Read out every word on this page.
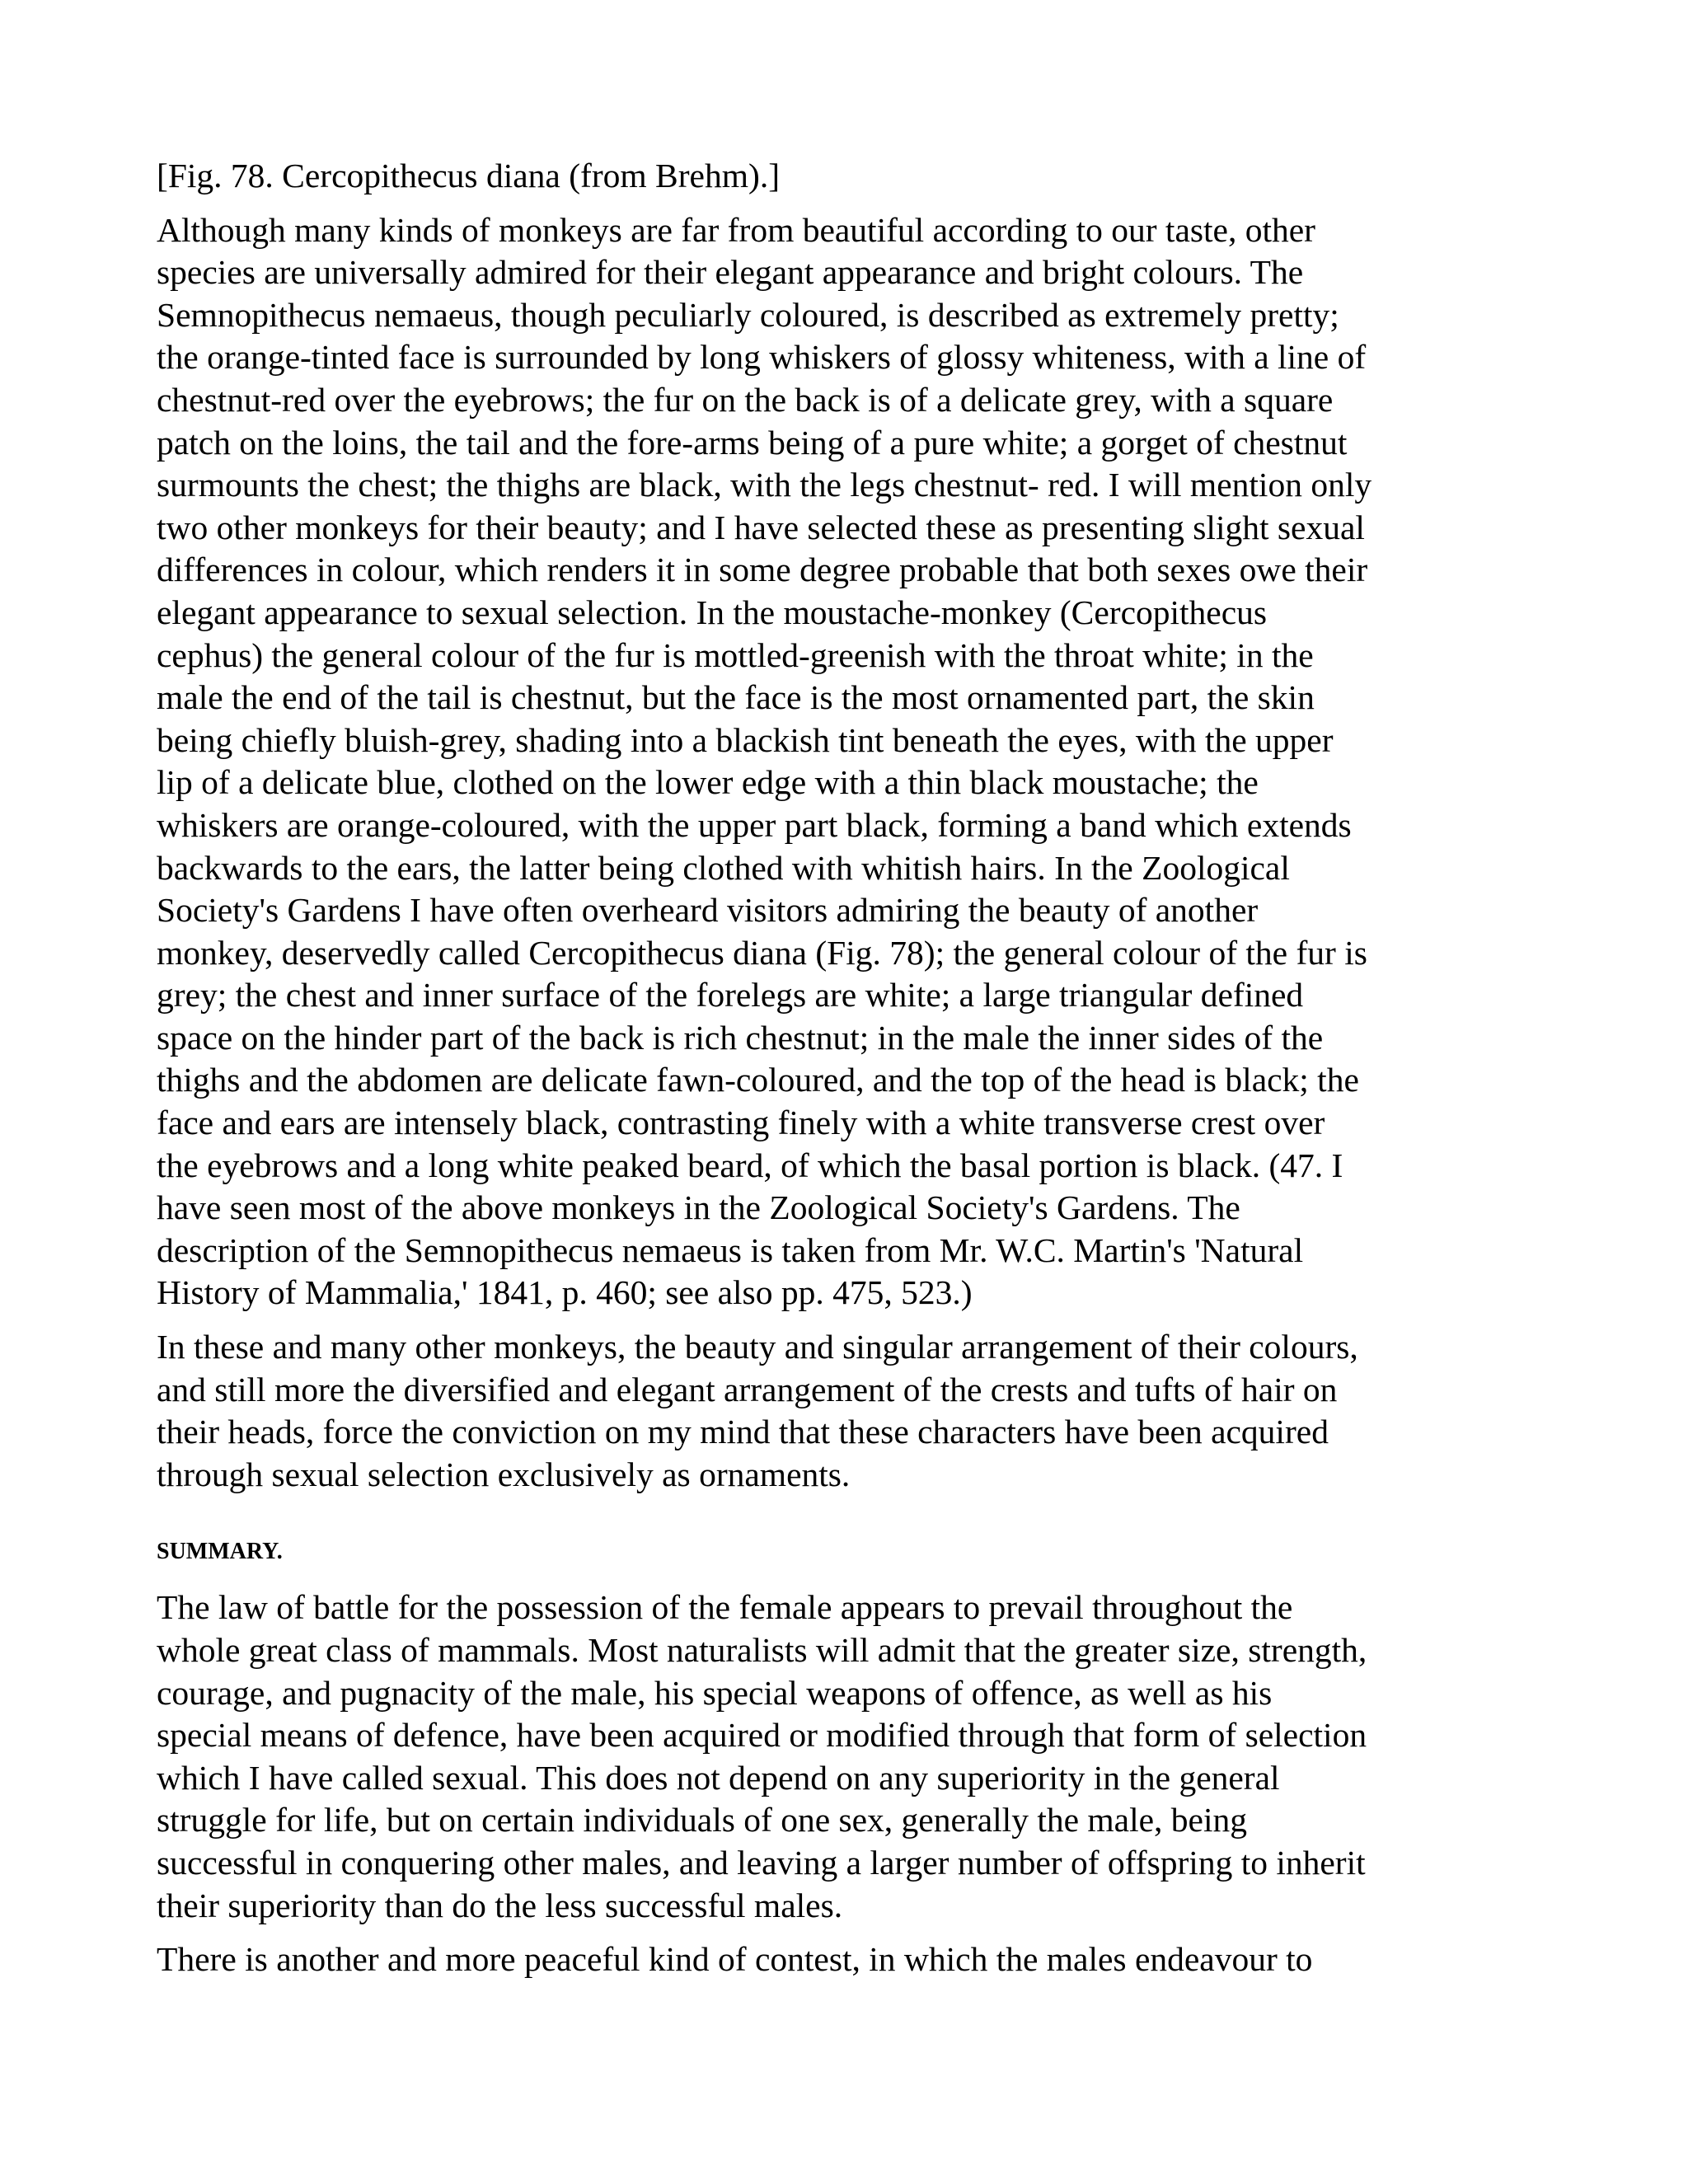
[Fig. 78. Cercopithecus diana (from Brehm).]

Although many kinds of monkeys are far from beautiful according to our taste, other
species are universally admired for their elegant appearance and bright colours. The
Semnopithecus nemaeus, though peculiarly coloured, is described as extremely pretty;
the orange-tinted face is surrounded by long whiskers of glossy whiteness, with a line of
chestnut-red over the eyebrows; the fur on the back is of a delicate grey, with a square
patch on the loins, the tail and the fore-arms being of a pure white; a gorget of chestnut
surmounts the chest; the thighs are black, with the legs chestnut- red. I will mention only
two other monkeys for their beauty; and I have selected these as presenting slight sexual
differences in colour, which renders it in some degree probable that both sexes owe their
elegant appearance to sexual selection. In the moustache-monkey (Cercopithecus
cephus) the general colour of the fur is mottled-greenish with the throat white; in the
male the end of the tail is chestnut, but the face is the most ornamented part, the skin
being chiefly bluish-grey, shading into a blackish tint beneath the eyes, with the upper
lip of a delicate blue, clothed on the lower edge with a thin black moustache; the
whiskers are orange-coloured, with the upper part black, forming a band which extends
backwards to the ears, the latter being clothed with whitish hairs. In the Zoological
Society's Gardens I have often overheard visitors admiring the beauty of another
monkey, deservedly called Cercopithecus diana (Fig. 78); the general colour of the fur is
grey; the chest and inner surface of the forelegs are white; a large triangular defined
space on the hinder part of the back is rich chestnut; in the male the inner sides of the
thighs and the abdomen are delicate fawn-coloured, and the top of the head is black; the
face and ears are intensely black, contrasting finely with a white transverse crest over
the eyebrows and a long white peaked beard, of which the basal portion is black. (47. I
have seen most of the above monkeys in the Zoological Society's Gardens. The
description of the Semnopithecus nemaeus is taken from Mr. W.C. Martin's 'Natural
History of Mammalia,' 1841, p. 460; see also pp. 475, 523.)

In these and many other monkeys, the beauty and singular arrangement of their colours,
and still more the diversified and elegant arrangement of the crests and tufts of hair on
their heads, force the conviction on my mind that these characters have been acquired
through sexual selection exclusively as ornaments.

SUMMARY.

The law of battle for the possession of the female appears to prevail throughout the
whole great class of mammals. Most naturalists will admit that the greater size, strength,
courage, and pugnacity of the male, his special weapons of offence, as well as his
special means of defence, have been acquired or modified through that form of selection
which I have called sexual. This does not depend on any superiority in the general
struggle for life, but on certain individuals of one sex, generally the male, being
successful in conquering other males, and leaving a larger number of offspring to inherit
their superiority than do the less successful males.

There is another and more peaceful kind of contest, in which the males endeavour to
